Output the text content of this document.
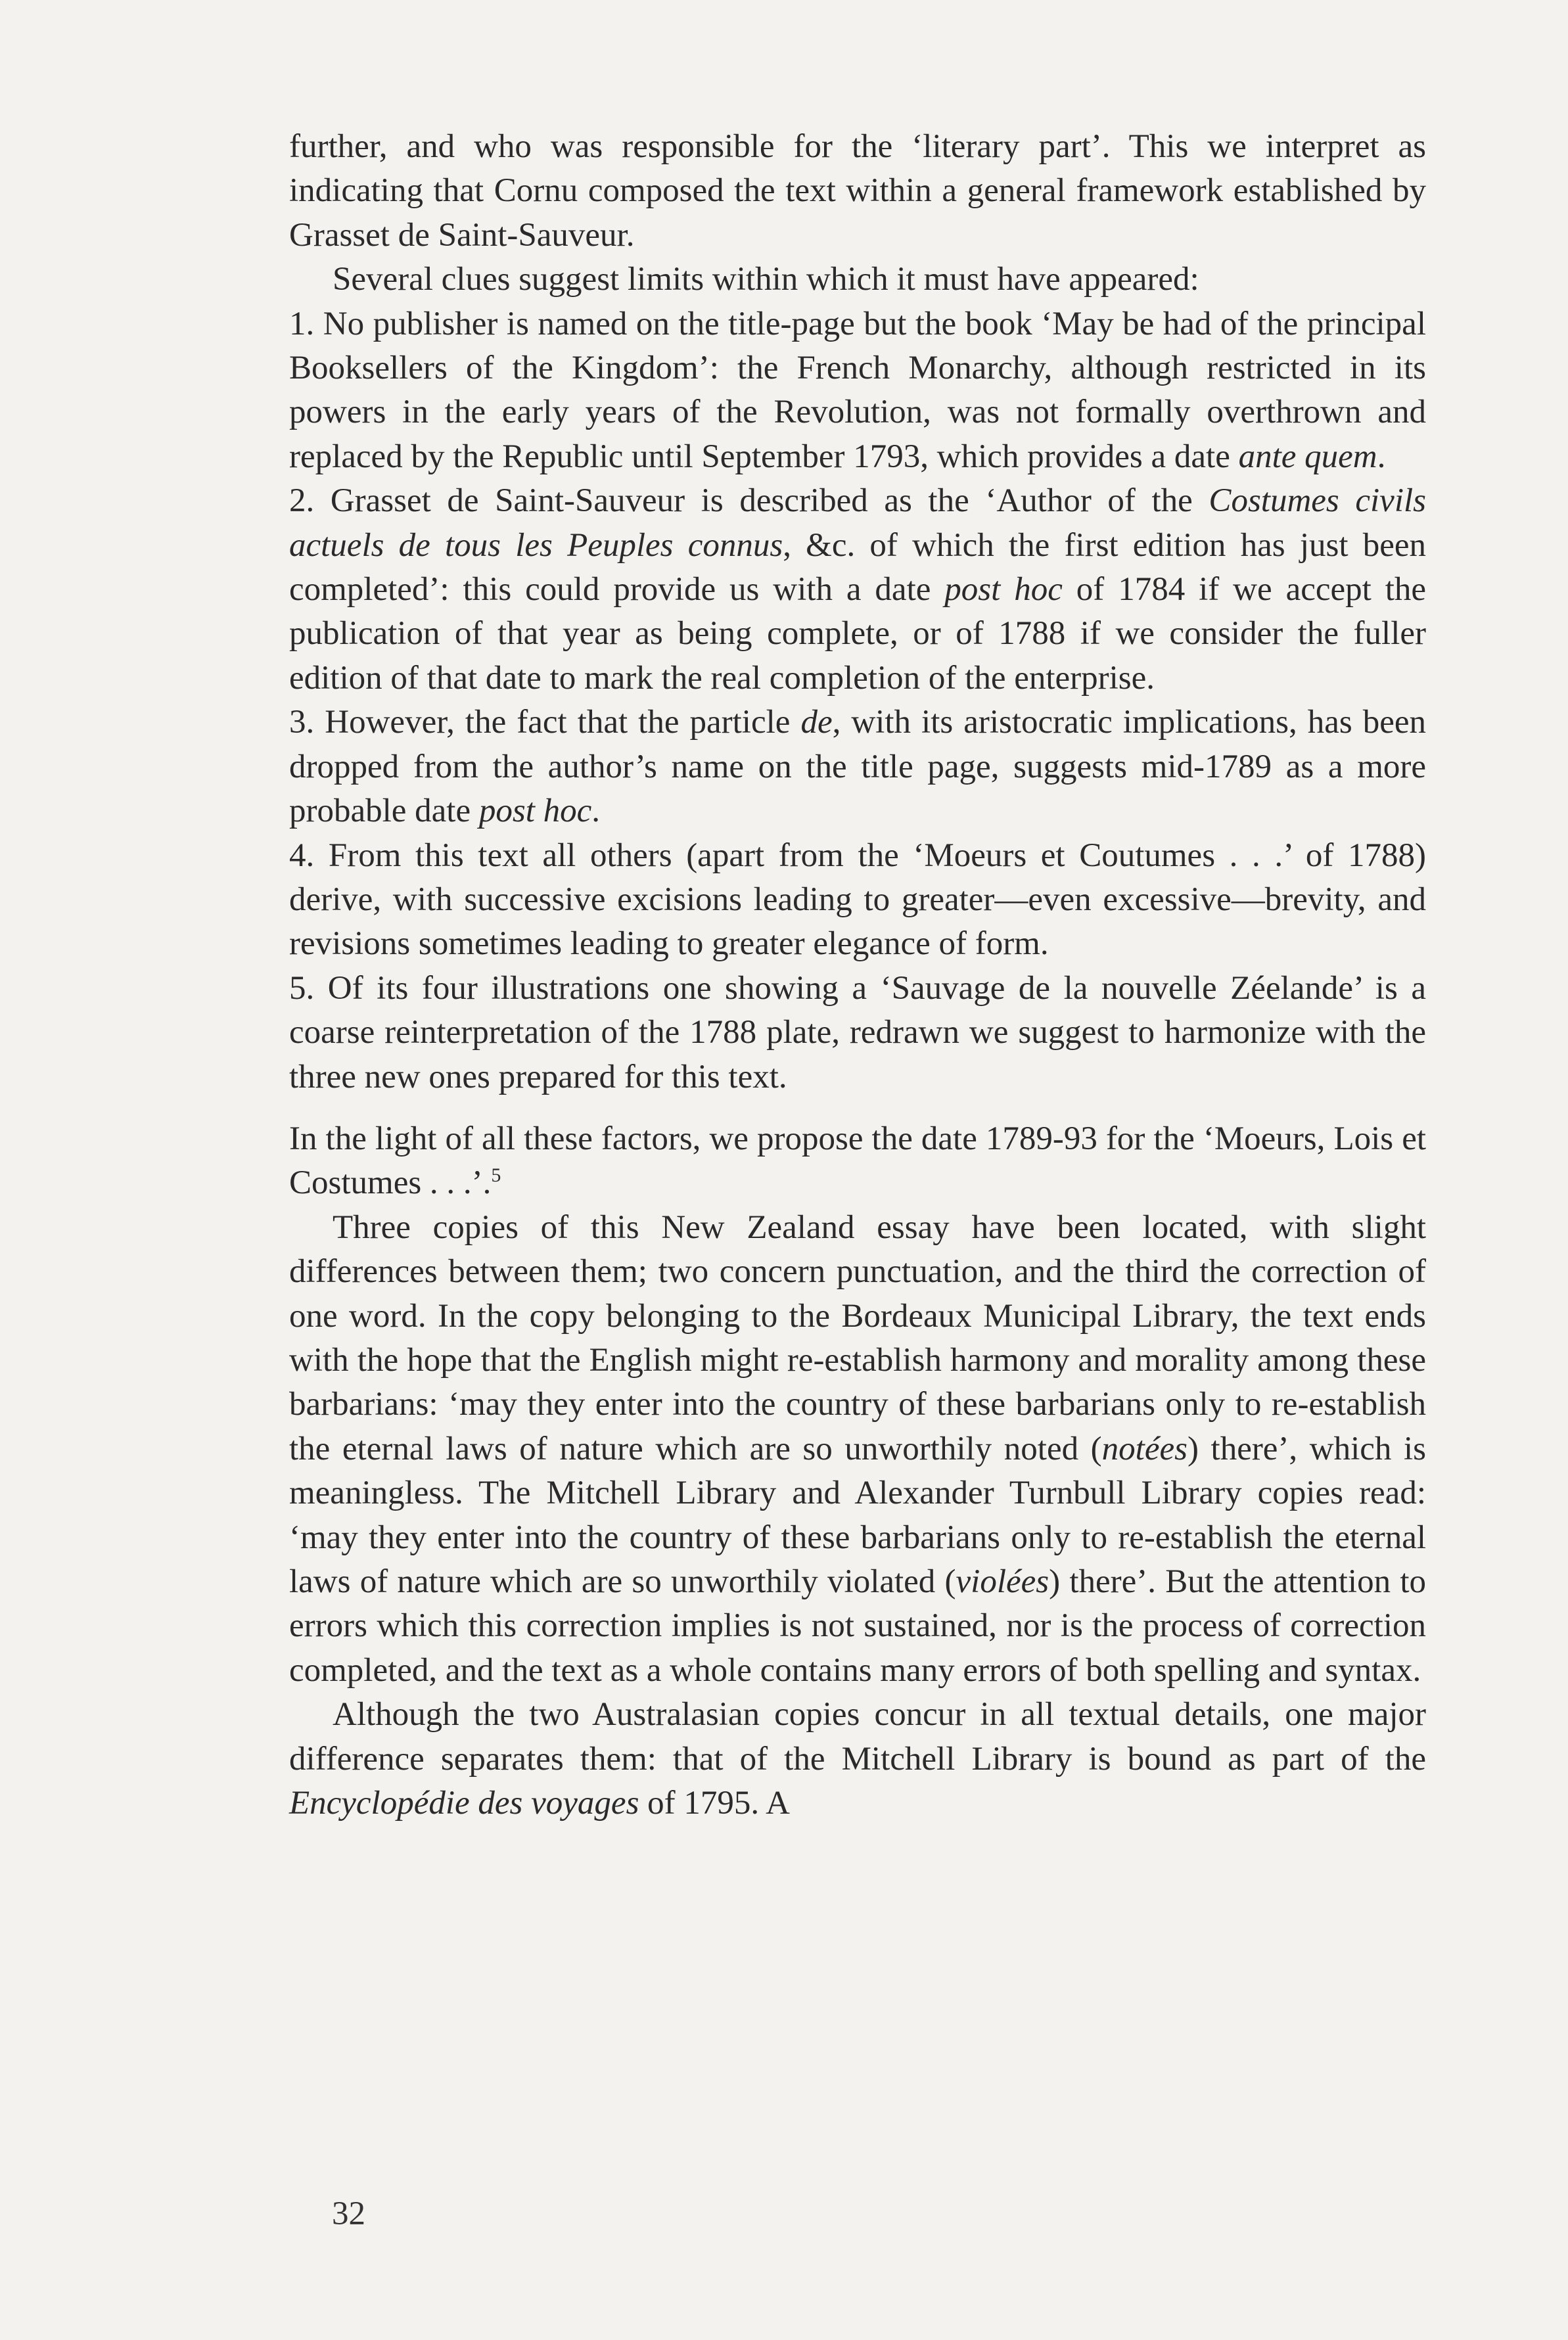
further, and who was responsible for the ‘literary part’. This we interpret as indicating that Cornu composed the text within a general framework established by Grasset de Saint-Sauveur.

Several clues suggest limits within which it must have appeared:

1. No publisher is named on the title-page but the book ‘May be had of the principal Booksellers of the Kingdom’: the French Monarchy, although restricted in its powers in the early years of the Revolution, was not formally overthrown and replaced by the Republic until September 1793, which provides a date ante quem.

2. Grasset de Saint-Sauveur is described as the ‘Author of the Costumes civils actuels de tous les Peuples connus, &c. of which the first edition has just been completed’: this could provide us with a date post hoc of 1784 if we accept the publication of that year as being complete, or of 1788 if we consider the fuller edition of that date to mark the real completion of the enterprise.

3. However, the fact that the particle de, with its aristocratic implications, has been dropped from the author’s name on the title page, suggests mid-1789 as a more probable date post hoc.

4. From this text all others (apart from the ‘Moeurs et Coutumes . . .’ of 1788) derive, with successive excisions leading to greater—even excessive—brevity, and revisions sometimes leading to greater elegance of form.

5. Of its four illustrations one showing a ‘Sauvage de la nouvelle Zéelande’ is a coarse reinterpretation of the 1788 plate, redrawn we suggest to harmonize with the three new ones prepared for this text.

In the light of all these factors, we propose the date 1789-93 for the ‘Moeurs, Lois et Costumes . . .’.$^5$

Three copies of this New Zealand essay have been located, with slight differences between them; two concern punctuation, and the third the correction of one word. In the copy belonging to the Bordeaux Municipal Library, the text ends with the hope that the English might re-establish harmony and morality among these barbarians: ‘may they enter into the country of these barbarians only to re-establish the eternal laws of nature which are so unworthily noted (notées) there’, which is meaningless. The Mitchell Library and Alexander Turnbull Library copies read: ‘may they enter into the country of these barbarians only to re-establish the eternal laws of nature which are so unworthily violated (violées) there’. But the attention to errors which this correction implies is not sustained, nor is the process of correction completed, and the text as a whole contains many errors of both spelling and syntax.

Although the two Australasian copies concur in all textual details, one major difference separates them: that of the Mitchell Library is bound as part of the Encyclopédie des voyages of 1795. A

32
